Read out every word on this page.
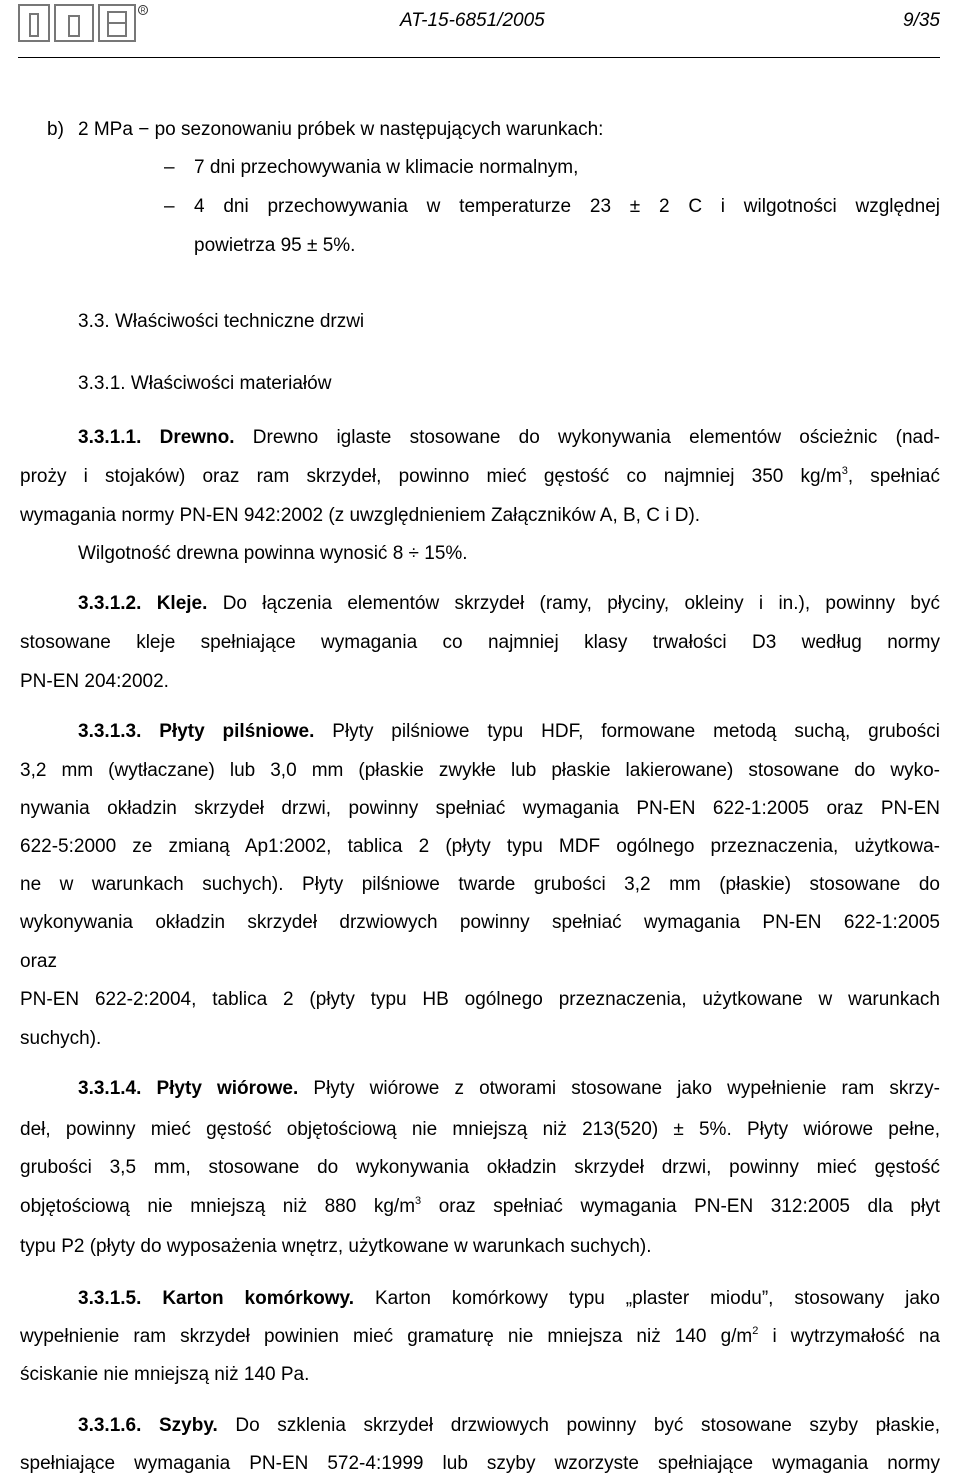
R	AT-15-6851/2005	9/35
b) 2 MPa − po sezonowaniu próbek w następujących warunkach:
– 7 dni przechowywania w klimacie normalnym,
– 4 dni przechowywania w temperaturze 23 ± 2 C i wilgotności względnej
powietrza 95 ± 5%.
3.3. Właściwości techniczne drzwi
3.3.1. Właściwości materiałów
3.3.1.1. Drewno. Drewno iglaste stosowane do wykonywania elementów ościeżnic (nad-
proży i stojaków) oraz ram skrzydeł, powinno mieć gęstość co najmniej 350 $kg/m^3$, spełniać
wymagania normy PN-EN 942:2002 (z uwzględnieniem Załączników A, B, C i D).
Wilgotność drewna powinna wynosić 8 ÷ 15%.
3.3.1.2. Kleje. Do łączenia elementów skrzydeł (ramy, płyciny, okleiny i in.), powinny być
stosowane kleje spełniające wymagania co najmniej klasy trwałości D3 według normy
PN-EN 204:2002.
3.3.1.3. Płyty pilśniowe. Płyty pilśniowe typu HDF, formowane metodą suchą, grubości
3,2 mm (wytłaczane) lub 3,0 mm (płaskie zwykłe lub płaskie lakierowane) stosowane do wyko-
nywania okładzin skrzydeł drzwi, powinny spełniać wymagania PN-EN 622-1:2005 oraz PN-EN
622-5:2000 ze zmianą Ap1:2002, tablica 2 (płyty typu MDF ogólnego przeznaczenia, użytkowa-
ne w warunkach suchych). Płyty pilśniowe twarde grubości 3,2 mm (płaskie) stosowane do
wykonywania okładzin skrzydeł drzwiowych powinny spełniać wymagania PN-EN 622-1:2005
oraz
PN-EN 622-2:2004, tablica 2 (płyty typu HB ogólnego przeznaczenia, użytkowane w warunkach
suchych).
3.3.1.4. Płyty wiórowe. Płyty wiórowe z otworami stosowane jako wypełnienie ram skrzy-
deł, powinny mieć gęstość objętościową nie mniejszą niż 213(520) ± 5%. Płyty wiórowe pełne,
grubości 3,5 mm, stosowane do wykonywania okładzin skrzydeł drzwi, powinny mieć gęstość
objętościową nie mniejszą niż 880 $kg/m^3$ oraz spełniać wymagania PN-EN 312:2005 dla płyt
typu P2 (płyty do wyposażenia wnętrz, użytkowane w warunkach suchych).
3.3.1.5. Karton komórkowy. Karton komórkowy typu „plaster miodu”, stosowany jako
wypełnienie ram skrzydeł powinien mieć gramaturę nie mniejsza niż 140 $g/m^2$ i wytrzymałość na
ściskanie nie mniejszą niż 140 Pa.
3.3.1.6. Szyby. Do szklenia skrzydeł drzwiowych powinny być stosowane szyby płaskie,
spełniające wymagania PN-EN 572-4:1999 lub szyby wzorzyste spełniające wymagania normy
